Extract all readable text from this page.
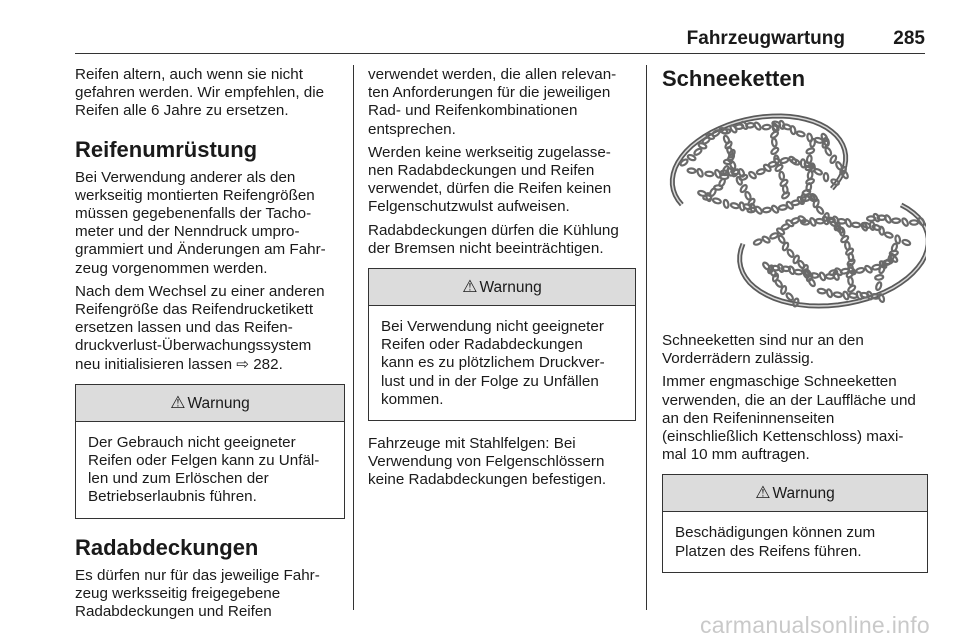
Fahrzeugwartung	285

Reifen altern, auch wenn sie nicht
gefahren werden. Wir empfehlen, die
Reifen alle 6 Jahre zu ersetzen.

Reifenumrüstung

Bei Verwendung anderer als den
werkseitig montierten Reifengrößen
müssen gegebenenfalls der Tacho-
meter und der Nenndruck umpro-
grammiert und Änderungen am Fahr-
zeug vorgenommen werden.

Nach dem Wechsel zu einer anderen
Reifengröße das Reifendrucketikett
ersetzen lassen und das Reifen-
druckverlust-Überwachungssystem
neu initialisieren lassen ⇨ 282.

⚠ Warnung
Der Gebrauch nicht geeigneter
Reifen oder Felgen kann zu Unfäl-
len und zum Erlöschen der
Betriebserlaubnis führen.
Radabdeckungen

Es dürfen nur für das jeweilige Fahr-
zeug werksseitig freigegebene
Radabdeckungen und Reifen

verwendet werden, die allen relevan-
ten Anforderungen für die jeweiligen
Rad- und Reifenkombinationen
entsprechen.

Werden keine werkseitig zugelasse-
nen Radabdeckungen und Reifen
verwendet, dürfen die Reifen keinen
Felgenschutzwulst aufweisen.

Radabdeckungen dürfen die Kühlung
der Bremsen nicht beeinträchtigen.

⚠ Warnung
Bei Verwendung nicht geeigneter
Reifen oder Radabdeckungen
kann es zu plötzlichem Druckver-
lust und in der Folge zu Unfällen
kommen.

Fahrzeuge mit Stahlfelgen: Bei
Verwendung von Felgenschlössern
keine Radabdeckungen befestigen.

Schneeketten

Schneeketten sind nur an den
Vorderrädern zulässig.

Immer engmaschige Schneeketten
verwenden, die an der Lauffläche und
an den Reifeninnenseiten
(einschließlich Kettenschloss) maxi-
mal 10 mm auftragen.

⚠ Warnung
Beschädigungen können zum
Platzen des Reifens führen.
carmanualsonline.info
